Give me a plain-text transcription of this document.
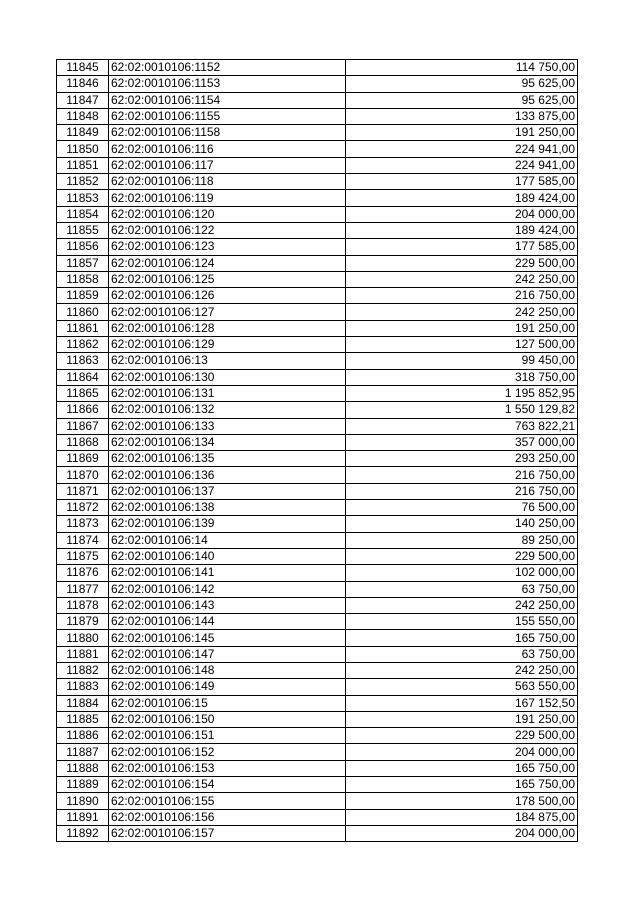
11845	62:02:0010106:1152	114 750,00
11846	62:02:0010106:1153	95 625,00
11847	62:02:0010106:1154	95 625,00
11848	62:02:0010106:1155	133 875,00
11849	62:02:0010106:1158	191 250,00
11850	62:02:0010106:116	224 941,00
11851	62:02:0010106:117	224 941,00
11852	62:02:0010106:118	177 585,00
11853	62:02:0010106:119	189 424,00
11854	62:02:0010106:120	204 000,00
11855	62:02:0010106:122	189 424,00
11856	62:02:0010106:123	177 585,00
11857	62:02:0010106:124	229 500,00
11858	62:02:0010106:125	242 250,00
11859	62:02:0010106:126	216 750,00
11860	62:02:0010106:127	242 250,00
11861	62:02:0010106:128	191 250,00
11862	62:02:0010106:129	127 500,00
11863	62:02:0010106:13	99 450,00
11864	62:02:0010106:130	318 750,00
11865	62:02:0010106:131	1 195 852,95
11866	62:02:0010106:132	1 550 129,82
11867	62:02:0010106:133	763 822,21
11868	62:02:0010106:134	357 000,00
11869	62:02:0010106:135	293 250,00
11870	62:02:0010106:136	216 750,00
11871	62:02:0010106:137	216 750,00
11872	62:02:0010106:138	76 500,00
11873	62:02:0010106:139	140 250,00
11874	62:02:0010106:14	89 250,00
11875	62:02:0010106:140	229 500,00
11876	62:02:0010106:141	102 000,00
11877	62:02:0010106:142	63 750,00
11878	62:02:0010106:143	242 250,00
11879	62:02:0010106:144	155 550,00
11880	62:02:0010106:145	165 750,00
11881	62:02:0010106:147	63 750,00
11882	62:02:0010106:148	242 250,00
11883	62:02:0010106:149	563 550,00
11884	62:02:0010106:15	167 152,50
11885	62:02:0010106:150	191 250,00
11886	62:02:0010106:151	229 500,00
11887	62:02:0010106:152	204 000,00
11888	62:02:0010106:153	165 750,00
11889	62:02:0010106:154	165 750,00
11890	62:02:0010106:155	178 500,00
11891	62:02:0010106:156	184 875,00
11892	62:02:0010106:157	204 000,00
